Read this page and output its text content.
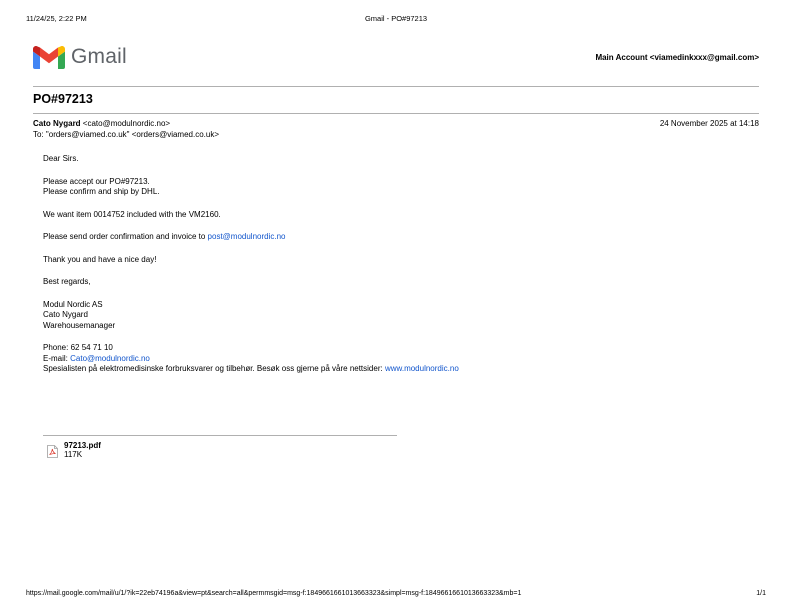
11/24/25, 2:22 PM	Gmail - PO#97213
Gmail	Main Account <viamedinkxxx@gmail.com>
PO#97213
Cato Nygard <cato@modulnordic.no>	24 November 2025 at 14:18
To: "orders@viamed.co.uk" <orders@viamed.co.uk>

Dear Sirs.

Please accept our PO#97213.
Please confirm and ship by DHL.

We want item 0014752 included with the VM2160.

Please send order confirmation and invoice to post@modulnordic.no

Thank you and have a nice day!

Best regards,

Modul Nordic AS
Cato Nygard
Warehousemanager

Phone: 62 54 71 10
E-mail: Cato@modulnordic.no
Spesialisten på elektromedisinske forbruksvarer og tilbehør. Besøk oss gjerne på våre nettsider: www.modulnordic.no

97213.pdf
117K
https://mail.google.com/mail/u/1/?ik=22eb74196a&view=pt&search=all&permmsgid=msg-f:1849661661013663323&simpl=msg-f:1849661661013663323&mb=1	1/1
